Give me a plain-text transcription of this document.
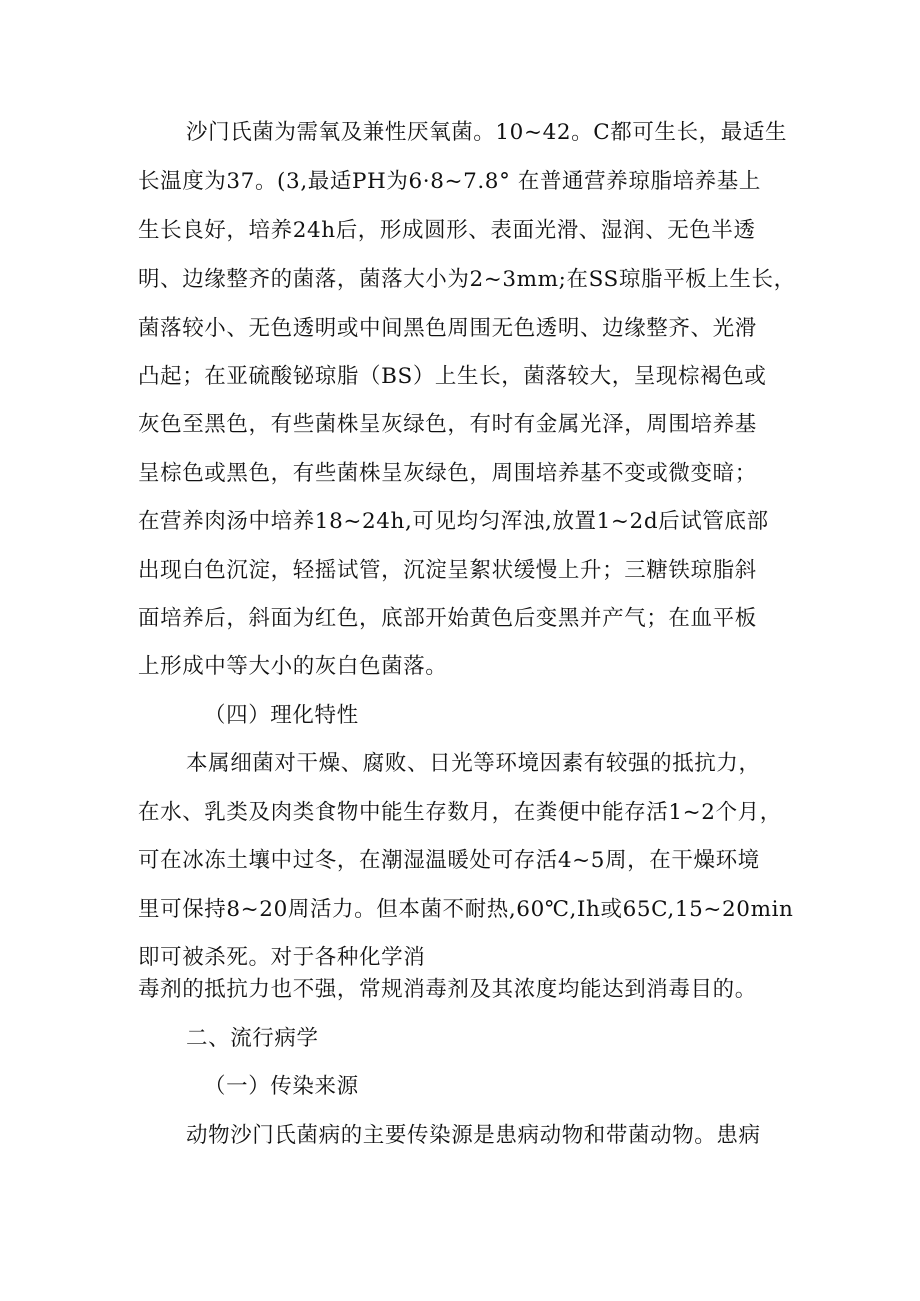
沙门氏菌为需氧及兼性厌氧菌。10~42。C都可生长，最适生
长温度为37。(3,最适PH为6·8~7.8° 在普通营养琼脂培养基上
生长良好，培养24h后，形成圆形、表面光滑、湿润、无色半透
明、边缘整齐的菌落，菌落大小为2~3mm;在SS琼脂平板上生长，
菌落较小、无色透明或中间黑色周围无色透明、边缘整齐、光滑
凸起；在亚硫酸铋琼脂（BS）上生长，菌落较大，呈现棕褐色或
灰色至黑色，有些菌株呈灰绿色，有时有金属光泽，周围培养基
呈棕色或黑色，有些菌株呈灰绿色，周围培养基不变或微变暗；
在营养肉汤中培养18~24h,可见均匀浑浊,放置1~2d后试管底部
出现白色沉淀，轻摇试管，沉淀呈絮状缓慢上升；三糖铁琼脂斜
面培养后，斜面为红色，底部开始黄色后变黑并产气；在血平板
上形成中等大小的灰白色菌落。
（四）理化特性
本属细菌对干燥、腐败、日光等环境因素有较强的抵抗力，
在水、乳类及肉类食物中能生存数月，在粪便中能存活1~2个月，
可在冰冻土壤中过冬，在潮湿温暖处可存活4~5周，在干燥环境
里可保持8~20周活力。但本菌不耐热,60℃,Ih或65C,15~20min
即可被杀死。对于各种化学消
毒剂的抵抗力也不强，常规消毒剂及其浓度均能达到消毒目的。
二、流行病学
（一）传染来源
动物沙门氏菌病的主要传染源是患病动物和带菌动物。患病
